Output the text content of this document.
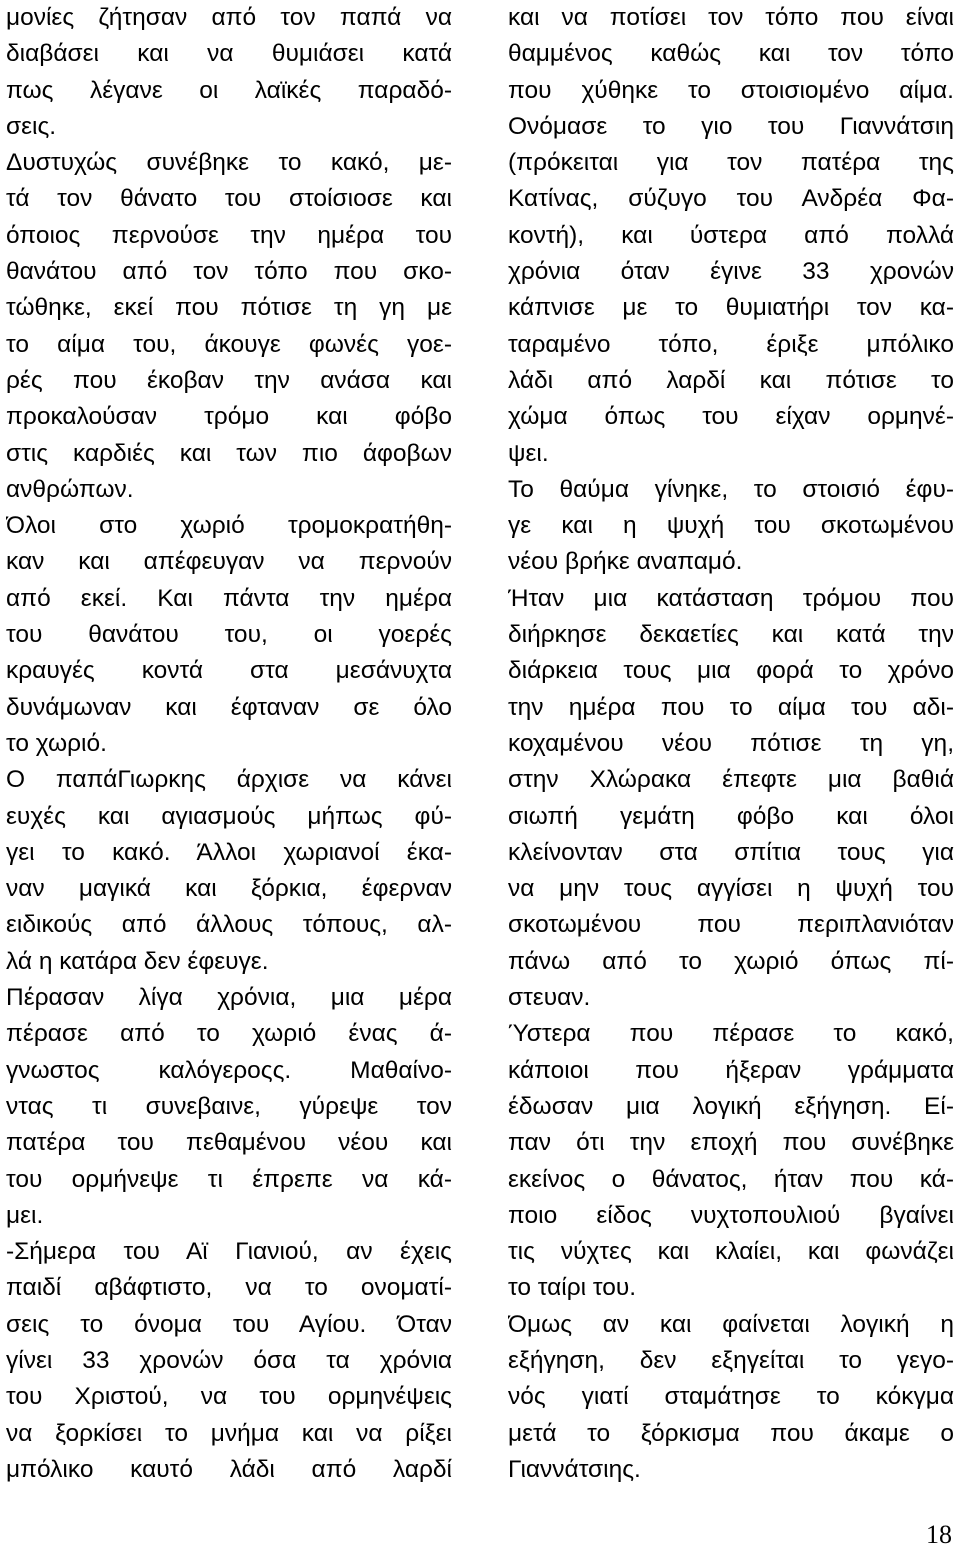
μονίες ζήτησαν από τον παπά να
διαβάσει και να θυμιάσει κατά
πως λέγανε οι λαϊκές παραδό-
σεις.
Δυστυχώς συνέβηκε το κακό, με-
τά τον θάνατο του στοίσιοσε και
όποιος περνούσε την ημέρα του
θανάτου από τον τόπο που σκο-
τώθηκε, εκεί που πότισε τη γη με
το αίμα του, άκουγε φωνές γοε-
ρές που έκοβαν την ανάσα και
προκαλούσαν τρόμο και φόβο
στις καρδιές και των πιο άφοβων
ανθρώπων.
Όλοι στο χωριό τρομοκρατήθη-
καν και απέφευγαν να περνούν
από εκεί. Και πάντα την ημέρα
του θανάτου του, οι γοερές
κραυγές κοντά στα μεσάνυχτα
δυνάμωναν και έφταναν σε όλο
το χωριό.
Ο παπάΓιωρκης άρχισε να κάνει
ευχές και αγιασμούς μήπως φύ-
γει το κακό. Άλλοι χωριανοί έκα-
ναν μαγικά και ξόρκια, έφερναν
ειδικούς από άλλους τόπους, αλ-
λά η κατάρα δεν έφευγε.
Πέρασαν λίγα χρόνια, μια μέρα
πέρασε από το χωριό ένας ά-
γνωστος καλόγεροςς. Μαθαίνο-
ντας τι συνεβαινε, γύρεψε τον
πατέρα του πεθαμένου νέου και
του ορμήνεψε τι έπρεπε να κά-
μει.
-Σήμερα του Αϊ Γιανιού, αν έχεις
παιδί αβάφτιστο, να το ονοματί-
σεις το όνομα του Αγίου. Όταν
γίνει 33 χρονών όσα τα χρόνια
του Χριστού, να του ορμηνέψεις
να ξορκίσει το μνήμα και να ρίξει
μπόλικο καυτό λάδι από λαρδί
και να ποτίσει τον τόπο που είναι
θαμμένος καθώς και τον τόπο
που χύθηκε το στοισιομένο αίμα.
Ονόμασε το γιο του Γιαννάτσιη
(πρόκειται για τον πατέρα της
Κατίνας, σύζυγο του Ανδρέα Φα-
κοντή), και ύστερα από πολλά
χρόνια όταν έγινε 33 χρονών
κάπνισε με το θυμιατήρι τον κα-
ταραμένο τόπο, έριξε μπόλικο
λάδι από λαρδί και πότισε το
χώμα όπως του είχαν ορμηνέ-
ψει.
Το θαύμα γίνηκε, το στοισιό έφυ-
γε και η ψυχή του σκοτωμένου
νέου βρήκε αναπαμό.
Ήταν μια κατάσταση τρόμου που
διήρκησε δεκαετίες και κατά την
διάρκεια τους μια φορά το χρόνο
την ημέρα που το αίμα του αδι-
κοχαμένου νέου πότισε τη γη,
στην Χλώρακα έπεφτε μια βαθιά
σιωπή γεμάτη φόβο και όλοι
κλείνονταν στα σπίτια τους για
να μην τους αγγίσει η ψυχή του
σκοτωμένου που περιπλανιόταν
πάνω από το χωριό όπως πί-
στευαν.
Ύστερα που πέρασε το κακό,
κάποιοι που ήξεραν γράμματα
έδωσαν μια λογική εξήγηση. Εί-
παν ότι την εποχή που συνέβηκε
εκείνος ο θάνατος, ήταν που κά-
ποιο είδος νυχτοπουλιού βγαίνει
τις νύχτες και κλαίει, και φωνάζει
το ταίρι του.
Όμως αν και φαίνεται λογική η
εξήγηση, δεν εξηγείται το γεγο-
νός γιατί σταμάτησε το κόκγμα
μετά το ξόρκισμα που άκαμε ο
Γιαννάτσιης.
18
